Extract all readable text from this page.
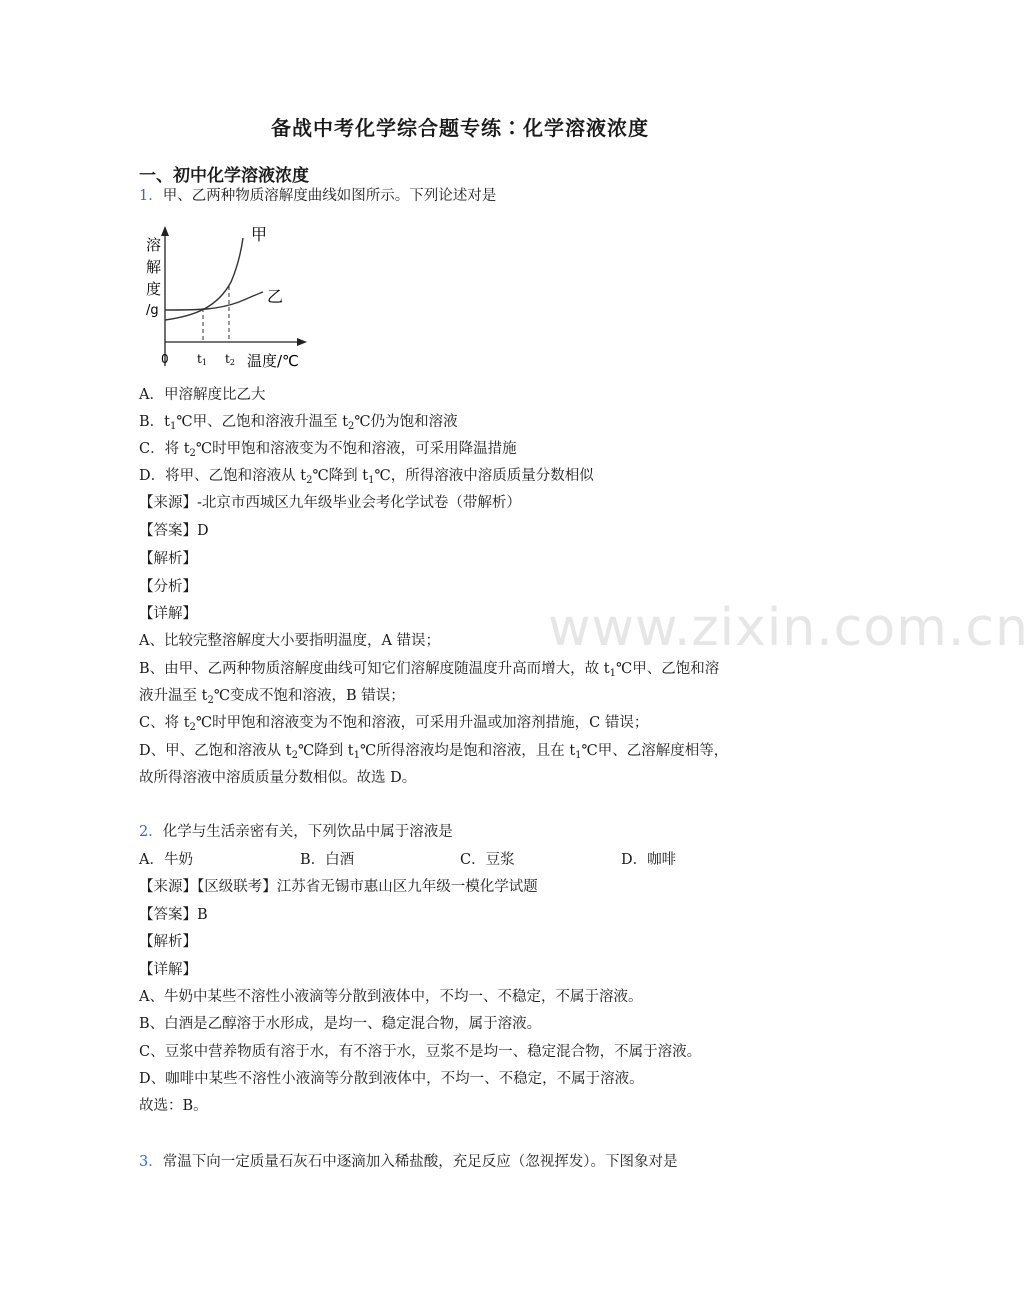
www.zixin.com.cn
备战中考化学综合题专练∶化学溶液浓度
一、初中化学溶液浓度
1．甲、乙两种物质溶解度曲线如图所示。下列论述对是
溶
解
度
/g
甲
乙
0 t1 t2 温度/℃
A．甲溶解度比乙大
B．$t_1℃$甲、乙饱和溶液升温至 $t_2℃$仍为饱和溶液
C．将 $t_2℃$时甲饱和溶液变为不饱和溶液，可采用降温措施
D．将甲、乙饱和溶液从 $t_2℃$降到 $t_1℃$，所得溶液中溶质质量分数相似
【来源】-北京市西城区九年级毕业会考化学试卷（带解析）
【答案】D
【解析】
【分析】
【详解】
A、比较完整溶解度大小要指明温度，A 错误；
B、由甲、乙两种物质溶解度曲线可知它们溶解度随温度升高而增大，故 $t_1℃$甲、乙饱和溶
液升温至 $t_2℃$变成不饱和溶液，B 错误；
C、将 $t_2℃$时甲饱和溶液变为不饱和溶液，可采用升温或加溶剂措施，C 错误；
D、甲、乙饱和溶液从 $t_2℃$降到 $t_1℃$所得溶液均是饱和溶液，且在 $t_1℃$甲、乙溶解度相等，
故所得溶液中溶质质量分数相似。故选 D。
2．化学与生活亲密有关，下列饮品中属于溶液是
A．牛奶	B．白酒	C．豆浆	D．咖啡
【来源】【区级联考】江苏省无锡市惠山区九年级一模化学试题
【答案】B
【解析】
【详解】
A、牛奶中某些不溶性小液滴等分散到液体中，不均一、不稳定，不属于溶液。
B、白酒是乙醇溶于水形成，是均一、稳定混合物，属于溶液。
C、豆浆中营养物质有溶于水，有不溶于水，豆浆不是均一、稳定混合物，不属于溶液。
D、咖啡中某些不溶性小液滴等分散到液体中，不均一、不稳定，不属于溶液。
故选：B。
3．常温下向一定质量石灰石中逐滴加入稀盐酸，充足反应（忽视挥发）。下图象对是
